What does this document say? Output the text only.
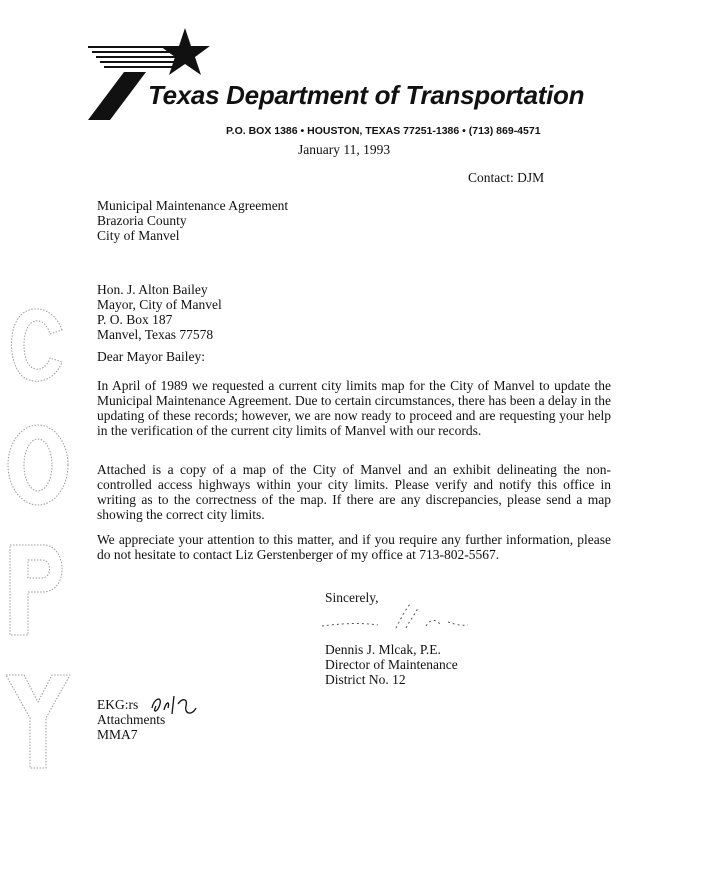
Texas Department of Transportation
P.O. BOX 1386 • HOUSTON, TEXAS 77251-1386 • (713) 869-4571
January 11, 1993
Contact: DJM
Municipal Maintenance Agreement
Brazoria County
City of Manvel
Hon. J. Alton Bailey
Mayor, City of Manvel
P. O. Box 187
Manvel, Texas 77578
Dear Mayor Bailey:
In April of 1989 we requested a current city limits map for the City of Manvel to update the Municipal Maintenance Agreement. Due to certain circumstances, there has been a delay in the updating of these records; however, we are now ready to proceed and are requesting your help in the verification of the current city limits of Manvel with our records.
Attached is a copy of a map of the City of Manvel and an exhibit delineating the non-controlled access highways within your city limits. Please verify and notify this office in writing as to the correctness of the map. If there are any discrepancies, please send a map showing the correct city limits.
We appreciate your attention to this matter, and if you require any further information, please do not hesitate to contact Liz Gerstenberger of my office at 713-802-5567.
Sincerely,
Dennis J. Mlcak, P.E.
Director of Maintenance
District No. 12
EKG:rs
Attachments
MMA7
